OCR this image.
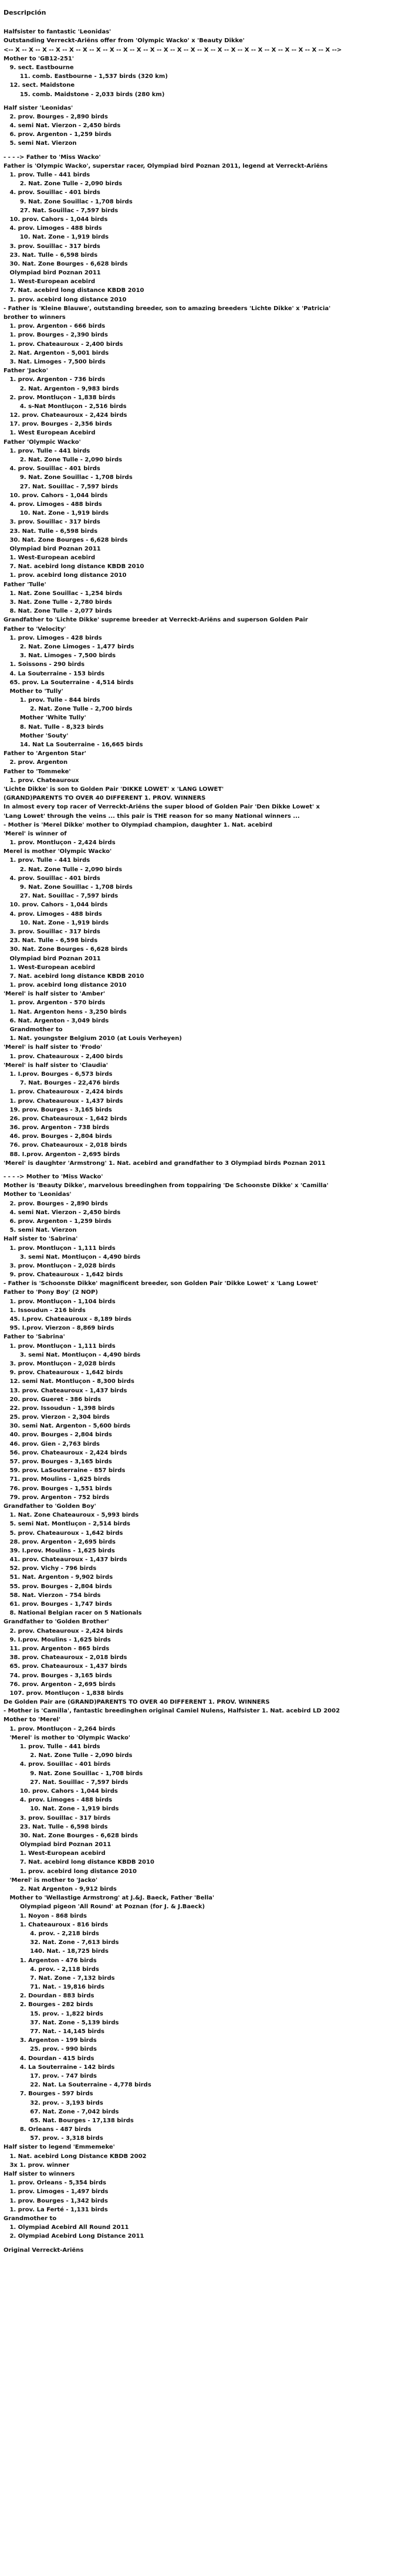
Descripción
Halfsister to fantastic 'Leonidas'
Outstanding Verreckt-Ariëns offer from 'Olympic Wacko' x 'Beauty Dikke'
<-- X -- X -- X -- X -- X -- X -- X -- X -- X -- X -- X -- X -- X -- X -- X -- X -- X -- X -- X -- X -- X -- X -- X -- X -->
Mother to 'GB12-251'
9. sect. Eastbourne
11. comb. Eastbourne - 1,537 birds (320 km)
12. sect. Maidstone
15. comb. Maidstone - 2,033 birds (280 km)
Half sister 'Leonidas'
2. prov. Bourges - 2,890 birds
4. semi Nat. Vierzon - 2,450 birds
6. prov. Argenton - 1,259 birds
5. semi Nat. Vierzon
- - - -> Father to 'Miss Wacko'
Father is 'Olympic Wacko', superstar racer, Olympiad bird Poznan 2011, legend at Verreckt-Ariëns
1. prov. Tulle - 441 birds
2. Nat. Zone Tulle - 2,090 birds
4. prov. Souillac - 401 birds
9. Nat. Zone Souillac - 1,708 birds
27. Nat. Souillac - 7,597 birds
10. prov. Cahors - 1,044 birds
4. prov. Limoges - 488 birds
10. Nat. Zone - 1,919 birds
3. prov. Souillac - 317 birds
23. Nat. Tulle - 6,598 birds
30. Nat. Zone Bourges - 6,628 birds
Olympiad bird Poznan 2011
1. West-European acebird
7. Nat. acebird long distance KBDB 2010
1. prov. acebird long distance 2010
- Father is 'Kleine Blauwe', outstanding breeder, son to amazing breeders 'Lichte Dikke' x 'Patricia'
brother to winners
1. prov. Argenton - 666 birds
1. prov. Bourges - 2,390 birds
1. prov. Chateauroux - 2,400 birds
2. Nat. Argenton - 5,001 birds
3. Nat. Limoges - 7,500 birds
Father 'Jacko'
1. prov. Argenton - 736 birds
2. Nat. Argenton - 9,983 birds
2. prov. Montluçon - 1,838 birds
4. s-Nat Montluçon - 2,516 birds
12. prov. Chateauroux - 2,424 birds
17. prov. Bourges - 2,356 birds
1. West European Acebird
Father 'Olympic Wacko'
1. prov. Tulle - 441 birds
2. Nat. Zone Tulle - 2,090 birds
4. prov. Souillac - 401 birds
9. Nat. Zone Souillac - 1,708 birds
27. Nat. Souillac - 7,597 birds
10. prov. Cahors - 1,044 birds
4. prov. Limoges - 488 birds
10. Nat. Zone - 1,919 birds
3. prov. Souillac - 317 birds
23. Nat. Tulle - 6,598 birds
30. Nat. Zone Bourges - 6,628 birds
Olympiad bird Poznan 2011
1. West-European acebird
7. Nat. acebird long distance KBDB 2010
1. prov. acebird long distance 2010
Father 'Tulle'
1. Nat. Zone Souillac - 1,254 birds
3. Nat. Zone Tulle - 2,780 birds
8. Nat. Zone Tulle - 2,077 birds
Grandfather to 'Lichte Dikke' supreme breeder at Verreckt-Ariëns and superson Golden Pair
Father to 'Velocity'
1. prov. Limoges - 428 birds
2. Nat. Zone Limoges - 1,477 birds
3. Nat. Limoges - 7,500 birds
1. Soissons - 290 birds
4. La Souterraine - 153 birds
65. prov. La Souterraine - 4,514 birds
Mother to 'Tully'
1. prov. Tulle - 844 birds
2. Nat. Zone Tulle - 2,700 birds
Mother 'White Tully'
8. Nat. Tulle - 8,323 birds
Mother 'Souty'
14. Nat La Souterraine - 16,665 birds
Father to 'Argenton Star'
2. prov. Argenton
Father to 'Tommeke'
1. prov. Chateauroux
'Lichte Dikke' is son to Golden Pair 'DIKKE LOWET' x 'LANG LOWET'
(GRAND)PARENTS TO OVER 40 DIFFERENT 1. PROV. WINNERS
In almost every top racer of Verreckt-Ariëns the super blood of Golden Pair 'Den Dikke Lowet' x
'Lang Lowet' through the veins ... this pair is THE reason for so many National winners ...
- Mother is 'Merel Dikke' mother to Olympiad champion, daughter 1. Nat. acebird
'Merel' is winner of
1. prov. Montluçon - 2,424 birds
Merel is mother 'Olympic Wacko'
1. prov. Tulle - 441 birds
2. Nat. Zone Tulle - 2,090 birds
4. prov. Souillac - 401 birds
9. Nat. Zone Souillac - 1,708 birds
27. Nat. Souillac - 7,597 birds
10. prov. Cahors - 1,044 birds
4. prov. Limoges - 488 birds
10. Nat. Zone - 1,919 birds
3. prov. Souillac - 317 birds
23. Nat. Tulle - 6,598 birds
30. Nat. Zone Bourges - 6,628 birds
Olympiad bird Poznan 2011
1. West-European acebird
7. Nat. acebird long distance KBDB 2010
1. prov. acebird long distance 2010
'Merel' is half sister to 'Amber'
1. prov. Argenton - 570 birds
1. Nat. Argenton hens - 3,250 birds
6. Nat. Argenton - 3,049 birds
Grandmother to
1. Nat. youngster Belgium 2010 (at Louis Verheyen)
'Merel' is half sister to 'Frodo'
1. prov. Chateauroux - 2,400 birds
'Merel' is half sister to 'Claudia'
1. I.prov. Bourges - 6,573 birds
7. Nat. Bourges - 22,476 birds
1. prov. Chateauroux - 2,424 birds
1. prov. Chateauroux - 1,437 birds
19. prov. Bourges - 3,165 birds
26. prov. Chateauroux - 1,642 birds
36. prov. Argenton - 738 birds
46. prov. Bourges - 2,804 birds
76. prov. Chateauroux - 2,018 birds
88. I.prov. Argenton - 2,695 birds
'Merel' is daughter 'Armstrong' 1. Nat. acebird and grandfather to 3 Olympiad birds Poznan 2011
- - - -> Mother to 'Miss Wacko'
Mother is 'Beauty Dikke', marvelous breedinghen from toppairing 'De Schoonste Dikke' x 'Camilla'
Mother to 'Leonidas'
2. prov. Bourges - 2,890 birds
4. semi Nat. Vierzon - 2,450 birds
6. prov. Argenton - 1,259 birds
5. semi Nat. Vierzon
Half sister to 'Sabrina'
1. prov. Montluçon - 1,111 birds
3. semi Nat. Montluçon - 4,490 birds
3. prov. Montluçon - 2,028 birds
9. prov. Chateauroux - 1,642 birds
- Father is 'Schoonste Dikke' magnificent breeder, son Golden Pair 'Dikke Lowet' x 'Lang Lowet'
Father to 'Pony Boy' (2 NOP)
1. prov. Montluçon - 1,104 birds
1. Issoudun - 216 birds
45. I.prov. Chateauroux - 8,189 birds
95. I.prov. Vierzon - 8,869 birds
Father to 'Sabrina'
1. prov. Montluçon - 1,111 birds
3. semi Nat. Montluçon - 4,490 birds
3. prov. Montluçon - 2,028 birds
9. prov. Chateauroux - 1,642 birds
12. semi Nat. Montluçon - 8,300 birds
13. prov. Chateauroux - 1,437 birds
20. prov. Gueret - 386 birds
22. prov. Issoudun - 1,398 birds
25. prov. Vierzon - 2,304 birds
30. semi Nat. Argenton - 5,600 birds
40. prov. Bourges - 2,804 birds
46. prov. Gien - 2,763 birds
56. prov. Chateauroux - 2,424 birds
57. prov. Bourges - 3,165 birds
59. prov. LaSouterraine - 857 birds
71. prov. Moulins - 1,625 birds
76. prov. Bourges - 1,551 birds
79. prov. Argenton - 752 birds
Grandfather to 'Golden Boy'
1. Nat. Zone Chateauroux - 5,993 birds
5. semi Nat. Montluçon - 2,514 birds
5. prov. Chateauroux - 1,642 birds
28. prov. Argenton - 2,695 birds
39. I.prov. Moulins - 1,625 birds
41. prov. Chateauroux - 1,437 birds
52. prov. Vichy - 796 birds
51. Nat. Argenton - 9,902 birds
55. prov. Bourges - 2,804 birds
58. Nat. Vierzon - 754 birds
61. prov. Bourges - 1,747 birds
8. National Belgian racer on 5 Nationals
Grandfather to 'Golden Brother'
2. prov. Chateauroux - 2,424 birds
9. I.prov. Moulins - 1,625 birds
11. prov. Argenton - 865 birds
38. prov. Chateauroux - 2,018 birds
65. prov. Chateauroux - 1,437 birds
74. prov. Bourges - 3,165 birds
76. prov. Argenton - 2,695 birds
107. prov. Montluçon - 1,838 birds
De Golden Pair are (GRAND)PARENTS TO OVER 40 DIFFERENT 1. PROV. WINNERS
- Mother is 'Camilla', fantastic breedinghen original Camiel Nulens, Halfsister 1. Nat. acebird LD 2002
Mother to 'Merel'
1. prov. Montluçon - 2,264 birds
'Merel' is mother to 'Olympic Wacko'
1. prov. Tulle - 441 birds
2. Nat. Zone Tulle - 2,090 birds
4. prov. Souillac - 401 birds
9. Nat. Zone Souillac - 1,708 birds
27. Nat. Souillac - 7,597 birds
10. prov. Cahors - 1,044 birds
4. prov. Limoges - 488 birds
10. Nat. Zone - 1,919 birds
3. prov. Souillac - 317 birds
23. Nat. Tulle - 6,598 birds
30. Nat. Zone Bourges - 6,628 birds
Olympiad bird Poznan 2011
1. West-European acebird
7. Nat. acebird long distance KBDB 2010
1. prov. acebird long distance 2010
'Merel' is mother to 'Jacko'
2. Nat Argenton - 9,912 birds
Mother to 'Wellastige Armstrong' at J.&J. Baeck, Father 'Bella'
Olympiad pigeon 'All Round' at Poznan (for J. & J.Baeck)
1. Noyon - 868 birds
1. Chateauroux - 816 birds
4. prov. - 2,218 birds
32. Nat. Zone - 7,613 birds
140. Nat. - 18,725 birds
1. Argenton - 476 birds
4. prov. - 2,118 birds
7. Nat. Zone - 7,132 birds
71. Nat. - 19,816 birds
2. Dourdan - 883 birds
2. Bourges - 282 birds
15. prov. - 1,822 birds
37. Nat. Zone - 5,139 birds
77. Nat. - 14,145 birds
3. Argenton - 199 birds
25. prov. - 990 birds
4. Dourdan - 415 birds
4. La Souterraine - 142 birds
17. prov. - 747 birds
22. Nat. La Souterraine - 4,778 birds
7. Bourges - 597 birds
32. prov. - 3,193 birds
67. Nat. Zone - 7,042 birds
65. Nat. Bourges - 17,138 birds
8. Orleans - 487 birds
57. prov. - 3,318 birds
Half sister to legend 'Emmemeke'
1. Nat. acebird Long Distance KBDB 2002
3x 1. prov. winner
Half sister to winners
1. prov. Orleans - 5,354 birds
1. prov. Limoges - 1,497 birds
1. prov. Bourges - 1,342 birds
1. prov. La Ferté - 1,131 birds
Grandmother to
1. Olympiad Acebird All Round 2011
2. Olympiad Acebird Long Distance 2011
Original Verreckt-Ariëns
